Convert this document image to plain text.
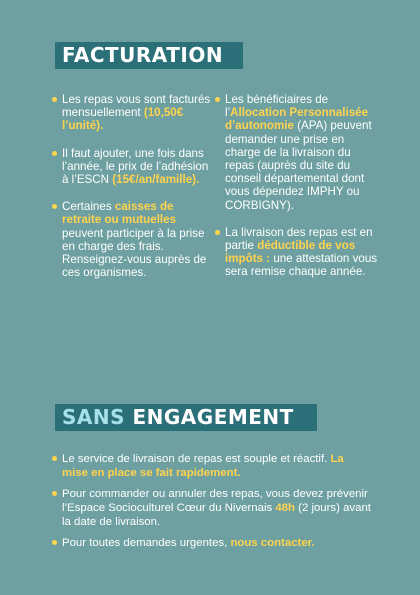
FACTURATION
Les repas vous sont facturés mensuellement (10,50€ l’unité).
Il faut ajouter, une fois dans l’année, le prix de l’adhésion à l’ESCN (15€/an/famille).
Certaines caisses de retraite ou mutuelles peuvent participer à la prise en charge des frais. Renseignez-vous auprès de ces organismes.
Les bénéficiaires de l’Allocation Personnalisée d’autonomie (APA) peuvent demander une prise en charge de la livraison du repas (auprès du site du conseil départemental dont vous dépendez IMPHY ou CORBIGNY).
La livraison des repas est en partie déductible de vos impôts : une attestation vous sera remise chaque année.
SANS ENGAGEMENT
Le service de livraison de repas est souple et réactif. La mise en place se fait rapidement.
Pour commander ou annuler des repas, vous devez prévenir l’Espace Socioculturel Cœur du Nivernais 48h (2 jours) avant la date de livraison.
Pour toutes demandes urgentes, nous contacter.
